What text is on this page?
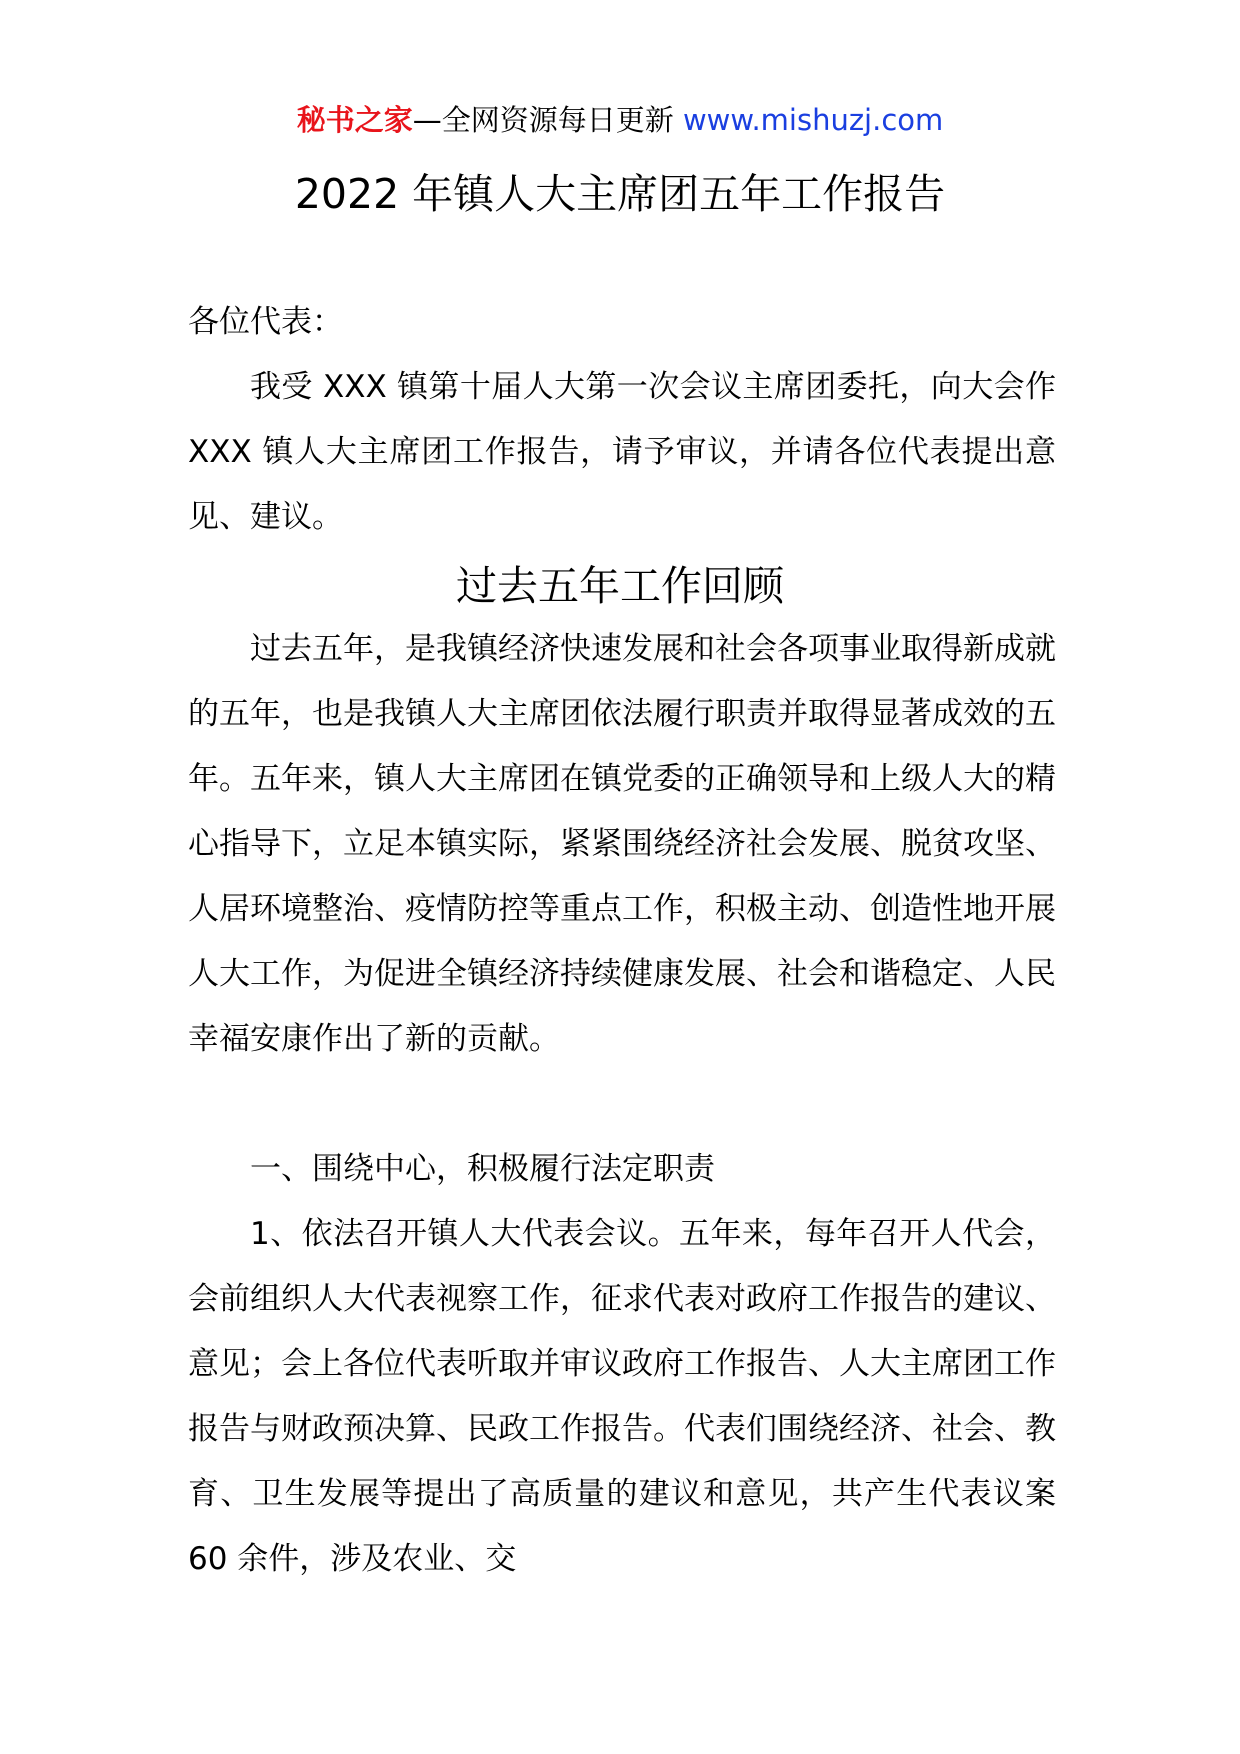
秘书之家—全网资源每日更新 www.mishuzj.com
2022 年镇人大主席团五年工作报告
各位代表：

我受 XXX 镇第十届人大第一次会议主席团委托，向大会作 XXX 镇人大主席团工作报告，请予审议，并请各位代表提出意见、建议。

过去五年工作回顾

过去五年，是我镇经济快速发展和社会各项事业取得新成就的五年，也是我镇人大主席团依法履行职责并取得显著成效的五年。五年来，镇人大主席团在镇党委的正确领导和上级人大的精心指导下，立足本镇实际，紧紧围绕经济社会发展、脱贫攻坚、人居环境整治、疫情防控等重点工作，积极主动、创造性地开展人大工作，为促进全镇经济持续健康发展、社会和谐稳定、人民幸福安康作出了新的贡献。

一、围绕中心，积极履行法定职责

1、依法召开镇人大代表会议。五年来，每年召开人代会，会前组织人大代表视察工作，征求代表对政府工作报告的建议、意见；会上各位代表听取并审议政府工作报告、人大主席团工作报告与财政预决算、民政工作报告。代表们围绕经济、社会、教育、卫生发展等提出了高质量的建议和意见，共产生代表议案 60 余件，涉及农业、交
